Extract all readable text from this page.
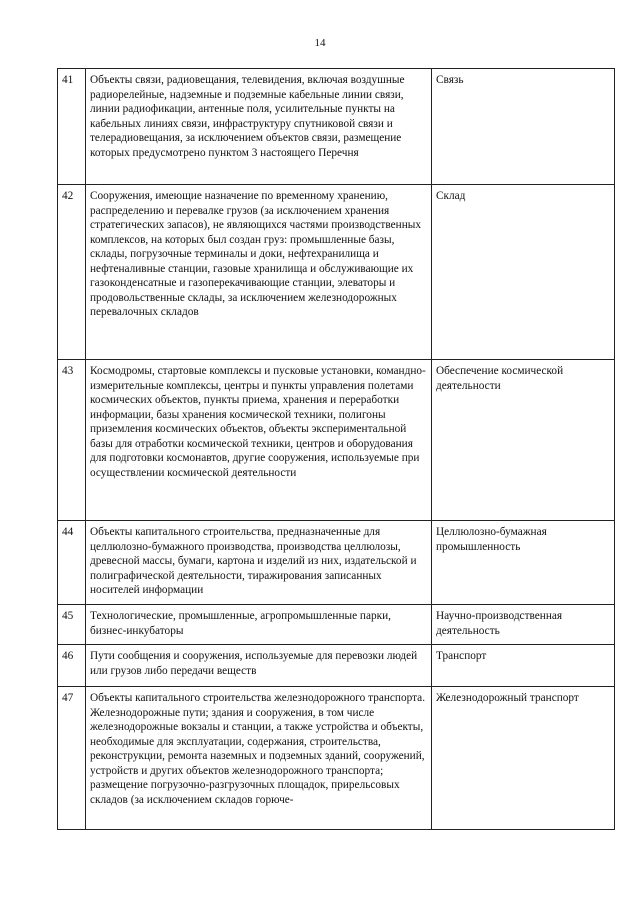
14
41	Объекты связи, радиовещания, телевидения, включая воздушные радиорелейные, надземные и подземные кабельные линии связи, линии радиофикации, антенные поля, усилительные пункты на кабельных линиях связи, инфраструктуру спутниковой связи и телерадиовещания, за исключением объектов связи, размещение которых предусмотрено пунктом 3 настоящего Перечня	Связь
42	Сооружения, имеющие назначение по временному хранению, распределению и перевалке грузов (за исключением хранения стратегических запасов), не являющихся частями производственных комплексов, на которых был создан груз: промышленные базы, склады, погрузочные терминалы и доки, нефтехранилища и нефтеналивные станции, газовые хранилища и обслуживающие их газоконденсатные и газоперекачивающие станции, элеваторы и продовольственные склады, за исключением железнодорожных перевалочных складов	Склад
43	Космодромы, стартовые комплексы и пусковые установки, командно-измерительные комплексы, центры и пункты управления полетами космических объектов, пункты приема, хранения и переработки информации, базы хранения космической техники, полигоны приземления космических объектов, объекты экспериментальной базы для отработки космической техники, центров и оборудования для подготовки космонавтов, другие сооружения, используемые при осуществлении космической деятельности	Обеспечение космической деятельности
44	Объекты капитального строительства, предназначенные для целлюлозно-бумажного производства, производства целлюлозы, древесной массы, бумаги, картона и изделий из них, издательской и полиграфической деятельности, тиражирования записанных носителей информации	Целлюлозно-бумажная промышленность
45	Технологические, промышленные, агропромышленные парки, бизнес-инкубаторы	Научно-производственная деятельность
46	Пути сообщения и сооружения, используемые для перевозки людей или грузов либо передачи веществ	Транспорт
47	Объекты капитального строительства железнодорожного транспорта. Железнодорожные пути; здания и сооружения, в том числе железнодорожные вокзалы и станции, а также устройства и объекты, необходимые для эксплуатации, содержания, строительства, реконструкции, ремонта наземных и подземных зданий, сооружений, устройств и других объектов железнодорожного транспорта; размещение погрузочно-разгрузочных площадок, прирельсовых складов (за исключением складов горюче-	Железнодорожный транспорт
